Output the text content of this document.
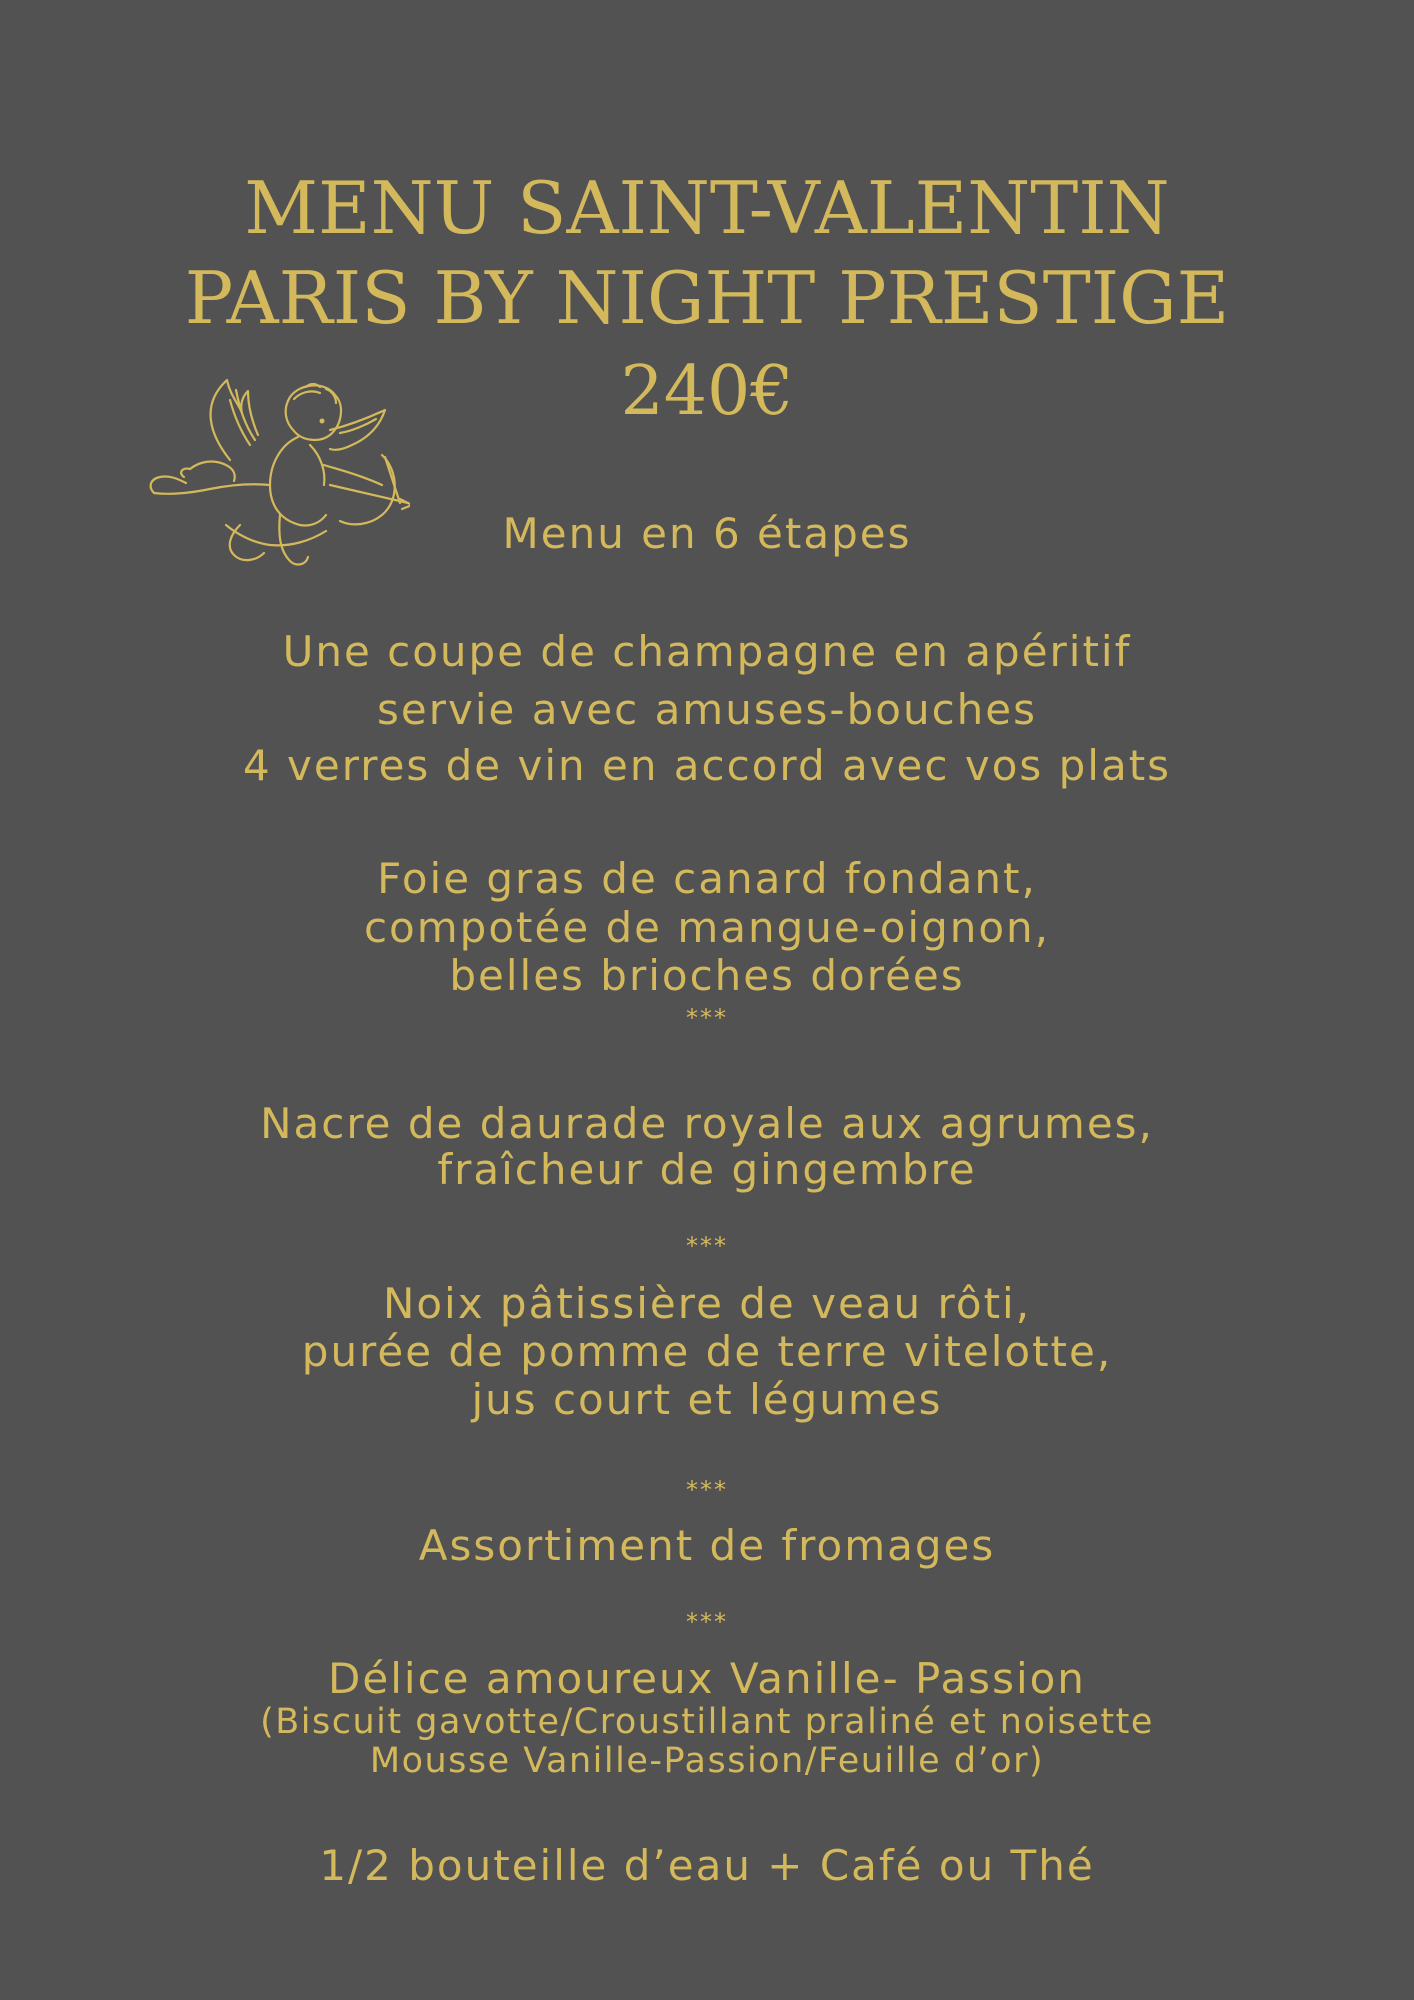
MENU SAINT-VALENTIN
PARIS BY NIGHT PRESTIGE
240€
Menu en 6 étapes
Une coupe de champagne en apéritif
servie avec amuses-bouches
4 verres de vin en accord avec vos plats
Foie gras de canard fondant,
compotée de mangue-oignon,
belles brioches dorées
***
Nacre de daurade royale aux agrumes,
fraîcheur de gingembre
***
Noix pâtissière de veau rôti,
purée de pomme de terre vitelotte,
jus court et légumes
***
Assortiment de fromages
***
Délice amoureux Vanille- Passion
(Biscuit gavotte/Croustillant praliné et noisette
Mousse Vanille-Passion/Feuille d’or)
1/2 bouteille d’eau + Café ou Thé
